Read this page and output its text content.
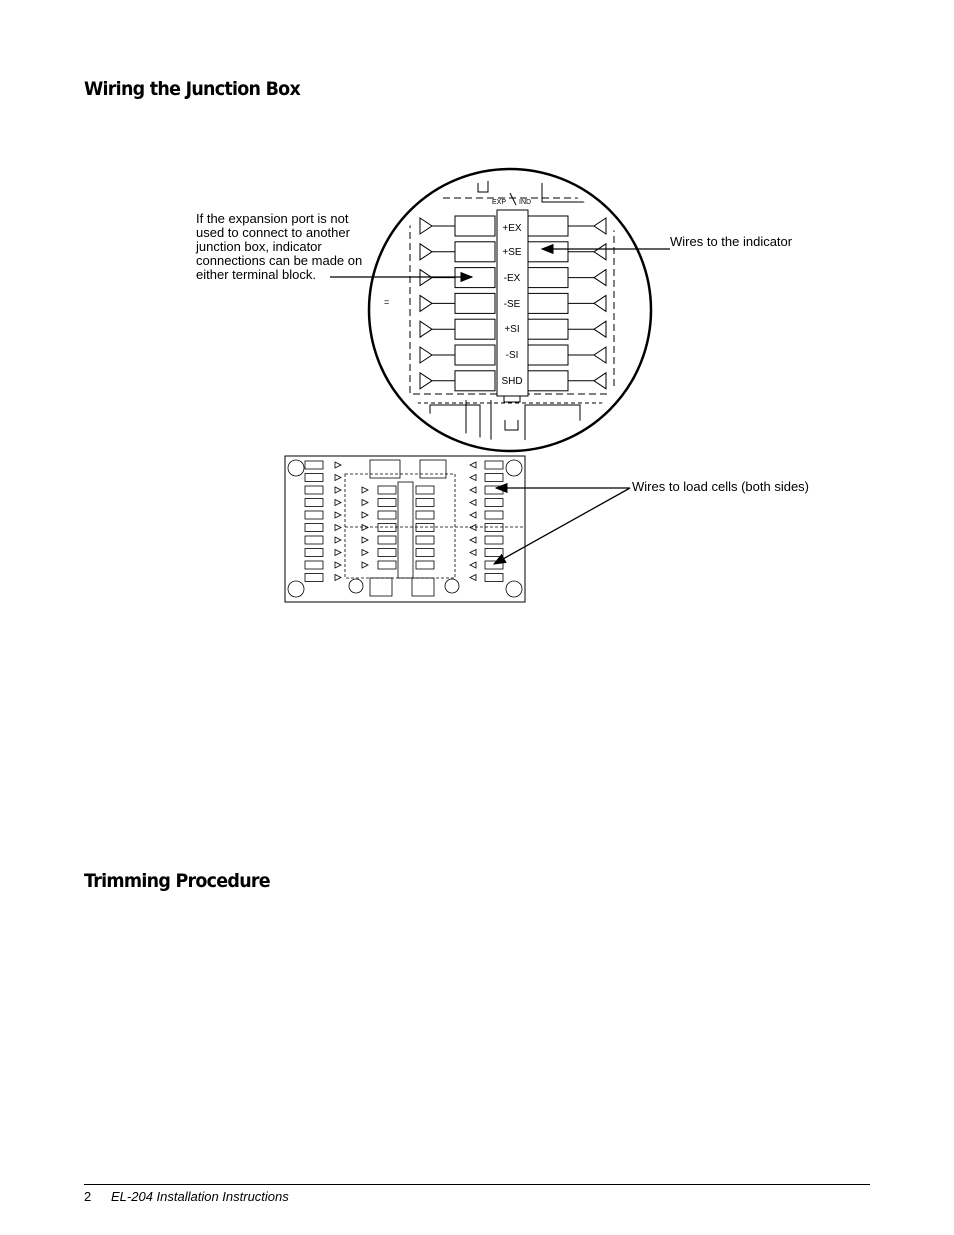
Wiring the Junction Box

If the expansion port is not
used to connect to another
junction box, indicator
connections can be made on
either terminal block.

Wires to the indicator

Wires to load cells (both sides)

EXP IND
+EX
+SE
-EX
-SE
+SI
-SI
SHD
=
Trimming Procedure

2 EL-204 Installation Instructions
